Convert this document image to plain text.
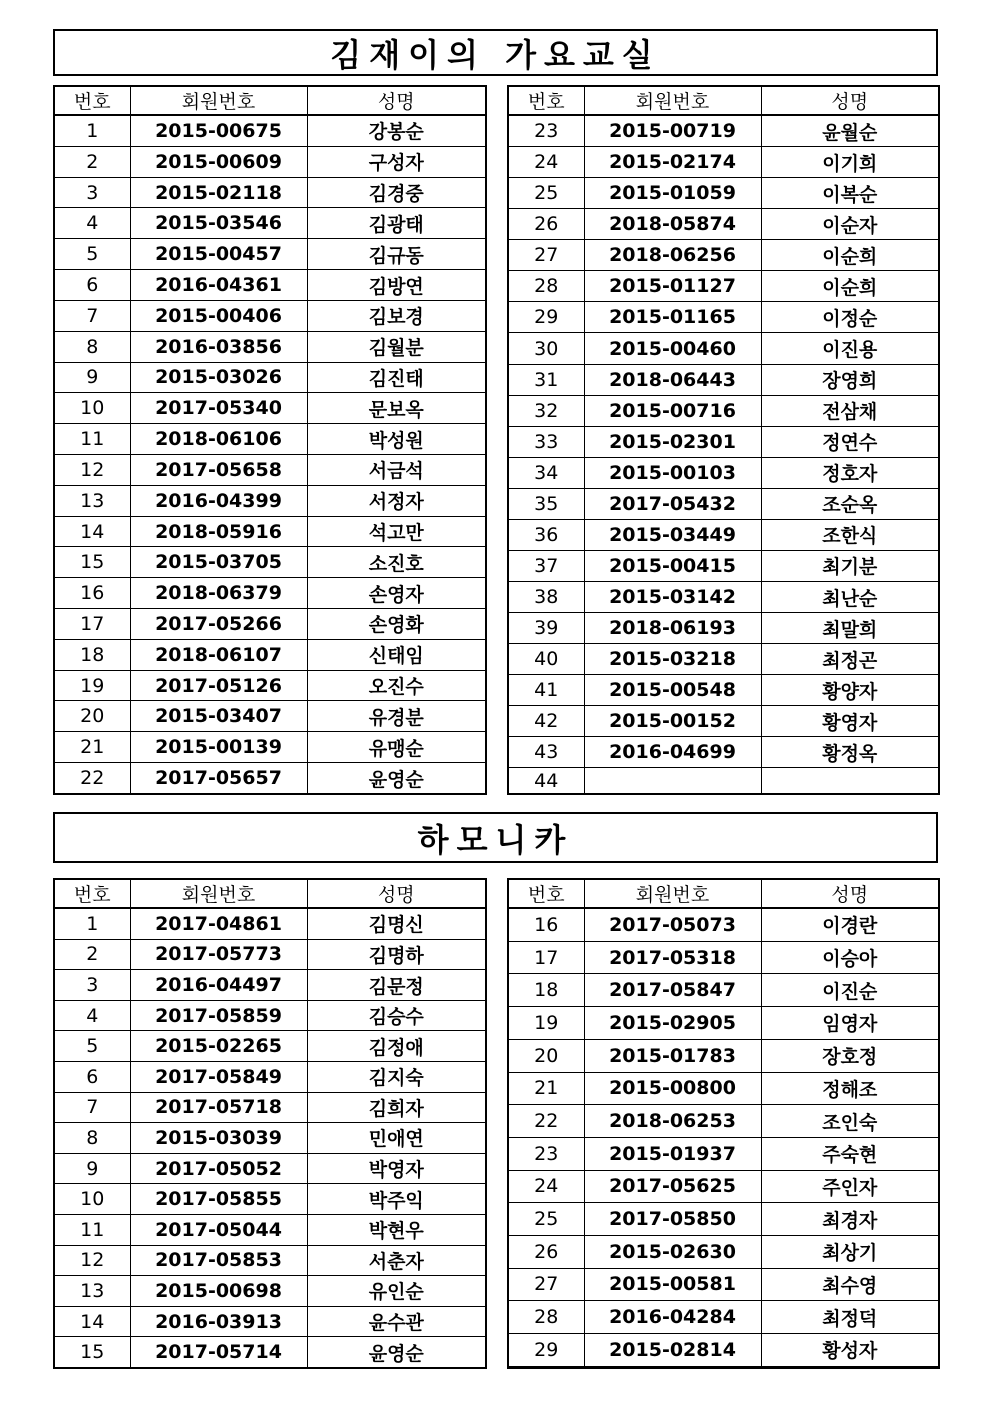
김재이의 가요교실
번호	회원번호	성명
1	2015-00675	강봉순
2	2015-00609	구성자
3	2015-02118	김경중
4	2015-03546	김광태
5	2015-00457	김규동
6	2016-04361	김방연
7	2015-00406	김보경
8	2016-03856	김월분
9	2015-03026	김진태
10	2017-05340	문보옥
11	2018-06106	박성원
12	2017-05658	서금석
13	2016-04399	서정자
14	2018-05916	석고만
15	2015-03705	소진호
16	2018-06379	손영자
17	2017-05266	손영화
18	2018-06107	신태임
19	2017-05126	오진수
20	2015-03407	유경분
21	2015-00139	유맹순
22	2017-05657	윤영순
번호	회원번호	성명
23	2015-00719	윤월순
24	2015-02174	이기희
25	2015-01059	이복순
26	2018-05874	이순자
27	2018-06256	이순희
28	2015-01127	이순희
29	2015-01165	이정순
30	2015-00460	이진용
31	2018-06443	장영희
32	2015-00716	전삼채
33	2015-02301	정연수
34	2015-00103	정호자
35	2017-05432	조순옥
36	2015-03449	조한식
37	2015-00415	최기분
38	2015-03142	최난순
39	2018-06193	최말희
40	2015-03218	최정곤
41	2015-00548	황양자
42	2015-00152	황영자
43	2016-04699	황정옥
44		
하모니카
번호	회원번호	성명
1	2017-04861	김명신
2	2017-05773	김명하
3	2016-04497	김문정
4	2017-05859	김승수
5	2015-02265	김정애
6	2017-05849	김지숙
7	2017-05718	김희자
8	2015-03039	민애연
9	2017-05052	박영자
10	2017-05855	박주익
11	2017-05044	박현우
12	2017-05853	서춘자
13	2015-00698	유인순
14	2016-03913	윤수관
15	2017-05714	윤영순
번호	회원번호	성명
16	2017-05073	이경란
17	2017-05318	이승아
18	2017-05847	이진순
19	2015-02905	임영자
20	2015-01783	장호정
21	2015-00800	정해조
22	2018-06253	조인숙
23	2015-01937	주숙현
24	2017-05625	주인자
25	2017-05850	최경자
26	2015-02630	최상기
27	2015-00581	최수영
28	2016-04284	최정덕
29	2015-02814	황성자
